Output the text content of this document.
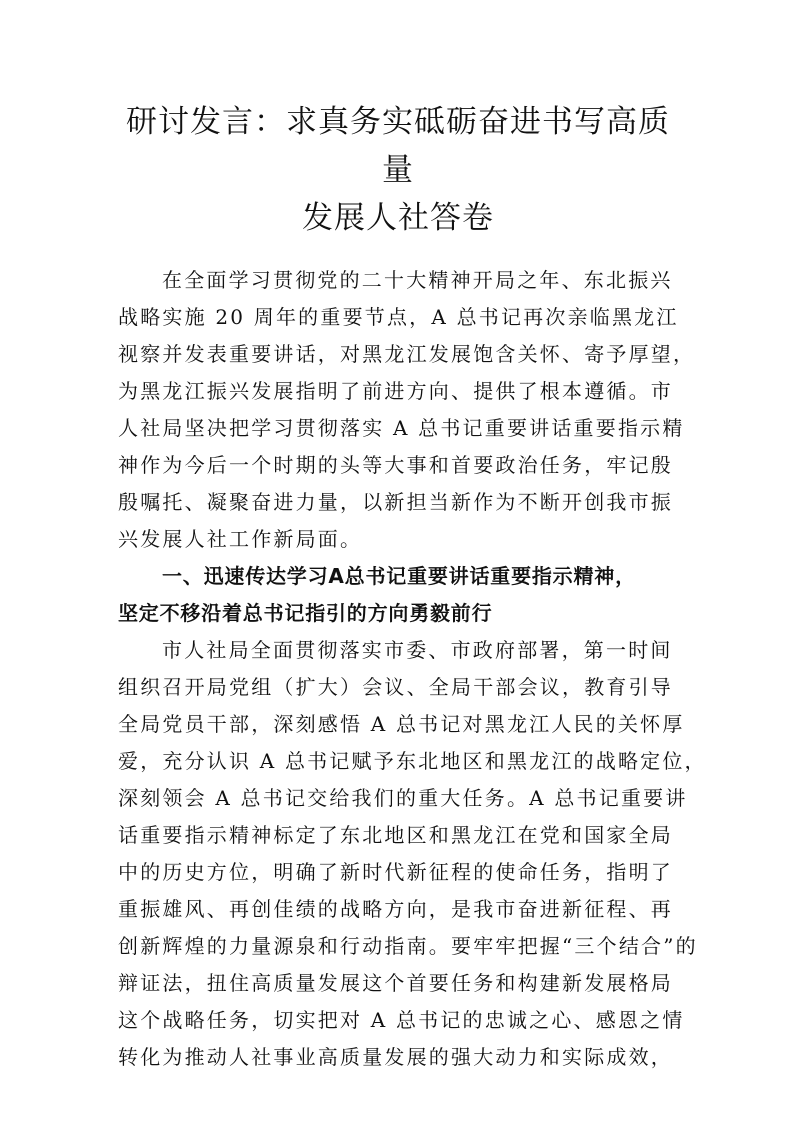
研讨发言：求真务实砥砺奋进书写高质量
发展人社答卷

在全面学习贯彻党的二十大精神开局之年、东北振兴
战略实施 20 周年的重要节点，A 总书记再次亲临黑龙江
视察并发表重要讲话，对黑龙江发展饱含关怀、寄予厚望，
为黑龙江振兴发展指明了前进方向、提供了根本遵循。市
人社局坚决把学习贯彻落实 A 总书记重要讲话重要指示精
神作为今后一个时期的头等大事和首要政治任务，牢记殷
殷嘱托、凝聚奋进力量，以新担当新作为不断开创我市振
兴发展人社工作新局面。

一、迅速传达学习A总书记重要讲话重要指示精神，
坚定不移沿着总书记指引的方向勇毅前行

市人社局全面贯彻落实市委、市政府部署，第一时间
组织召开局党组（扩大）会议、全局干部会议，教育引导
全局党员干部，深刻感悟 A 总书记对黑龙江人民的关怀厚
爱，充分认识 A 总书记赋予东北地区和黑龙江的战略定位，
深刻领会 A 总书记交给我们的重大任务。A 总书记重要讲
话重要指示精神标定了东北地区和黑龙江在党和国家全局
中的历史方位，明确了新时代新征程的使命任务，指明了
重振雄风、再创佳绩的战略方向，是我市奋进新征程、再
创新辉煌的力量源泉和行动指南。要牢牢把握“三个结合”的
辩证法，扭住高质量发展这个首要任务和构建新发展格局
这个战略任务，切实把对 A 总书记的忠诚之心、感恩之情
转化为推动人社事业高质量发展的强大动力和实际成效，
